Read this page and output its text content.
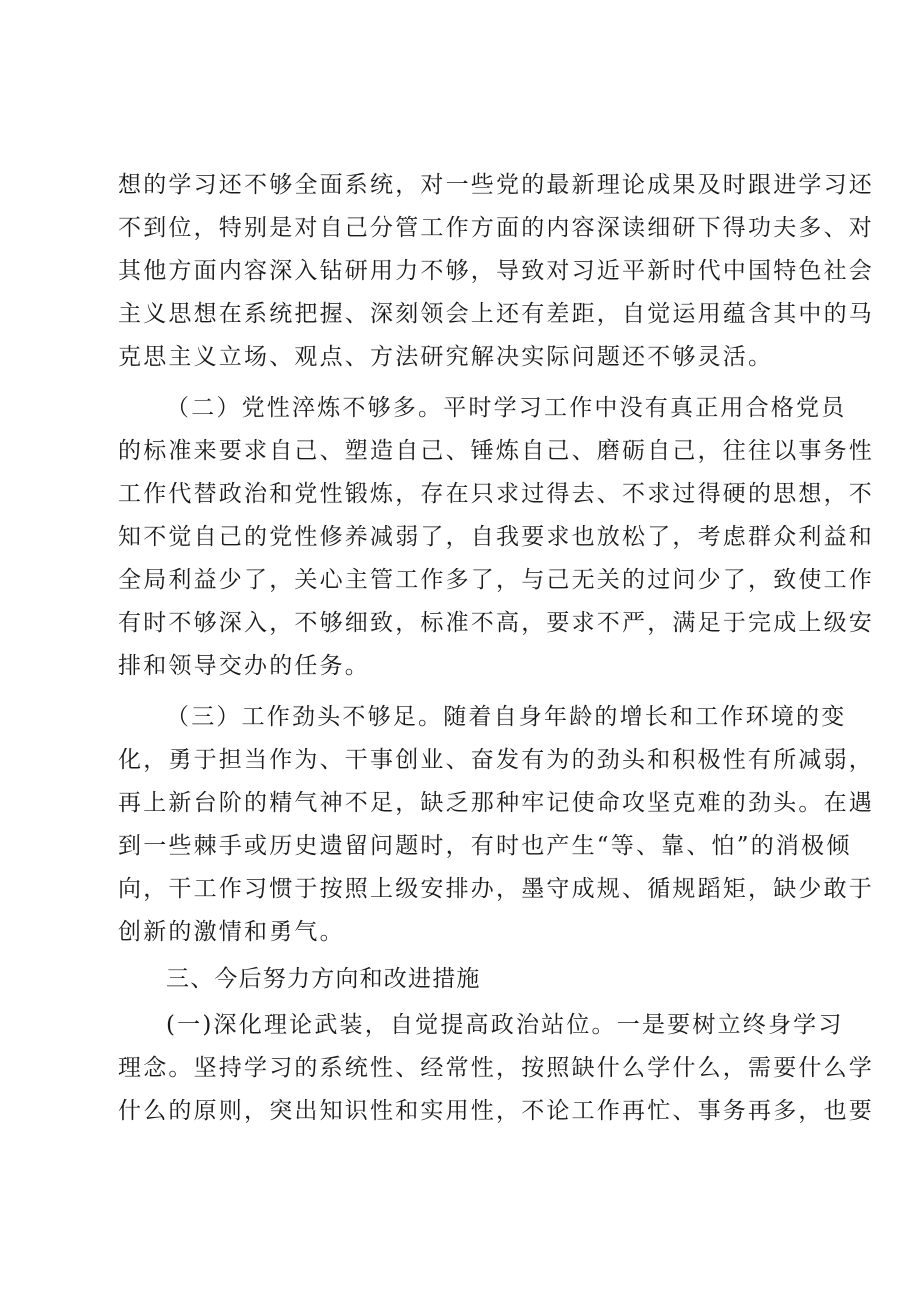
想的学习还不够全面系统，对一些党的最新理论成果及时跟进学习还
不到位，特别是对自己分管工作方面的内容深读细研下得功夫多、对
其他方面内容深入钻研用力不够，导致对习近平新时代中国特色社会
主义思想在系统把握、深刻领会上还有差距，自觉运用蕴含其中的马
克思主义立场、观点、方法研究解决实际问题还不够灵活。
（二）党性淬炼不够多。平时学习工作中没有真正用合格党员
的标准来要求自己、塑造自己、锤炼自己、磨砺自己，往往以事务性
工作代替政治和党性锻炼，存在只求过得去、不求过得硬的思想，不
知不觉自己的党性修养减弱了，自我要求也放松了，考虑群众利益和
全局利益少了，关心主管工作多了，与己无关的过问少了，致使工作
有时不够深入，不够细致，标准不高，要求不严，满足于完成上级安
排和领导交办的任务。
（三）工作劲头不够足。随着自身年龄的增长和工作环境的变
化，勇于担当作为、干事创业、奋发有为的劲头和积极性有所减弱，
再上新台阶的精气神不足，缺乏那种牢记使命攻坚克难的劲头。在遇
到一些棘手或历史遗留问题时，有时也产生“等、靠、怕”的消极倾
向，干工作习惯于按照上级安排办，墨守成规、循规蹈矩，缺少敢于
创新的激情和勇气。
三、今后努力方向和改进措施
(一)深化理论武装，自觉提高政治站位。一是要树立终身学习
理念。坚持学习的系统性、经常性，按照缺什么学什么，需要什么学
什么的原则，突出知识性和实用性，不论工作再忙、事务再多，也要
